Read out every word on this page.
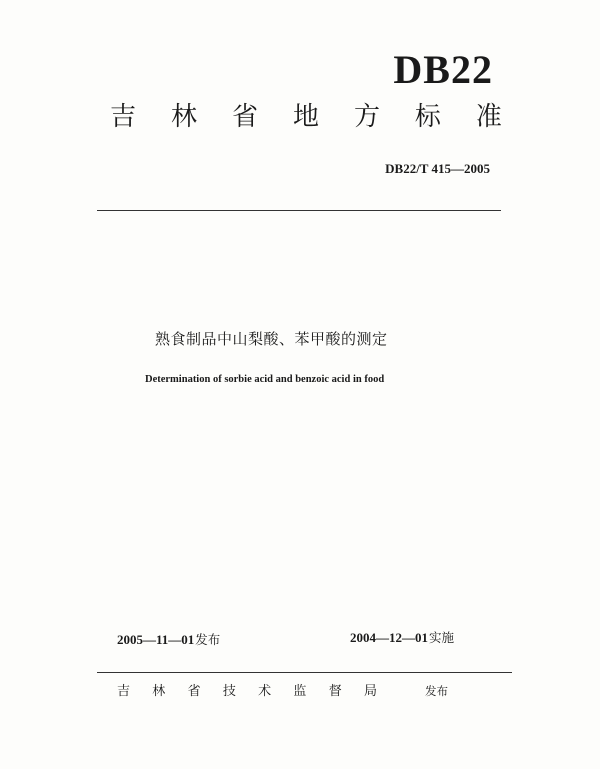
DB22
吉 林 省 地 方 标 准
DB22/T 415—2005
熟食制品中山梨酸、苯甲酸的测定
Determination of sorbie acid and benzoic acid in food
2005—11—01发布	2004—12—01实施
吉 林 省 技 术 监 督 局	发布
